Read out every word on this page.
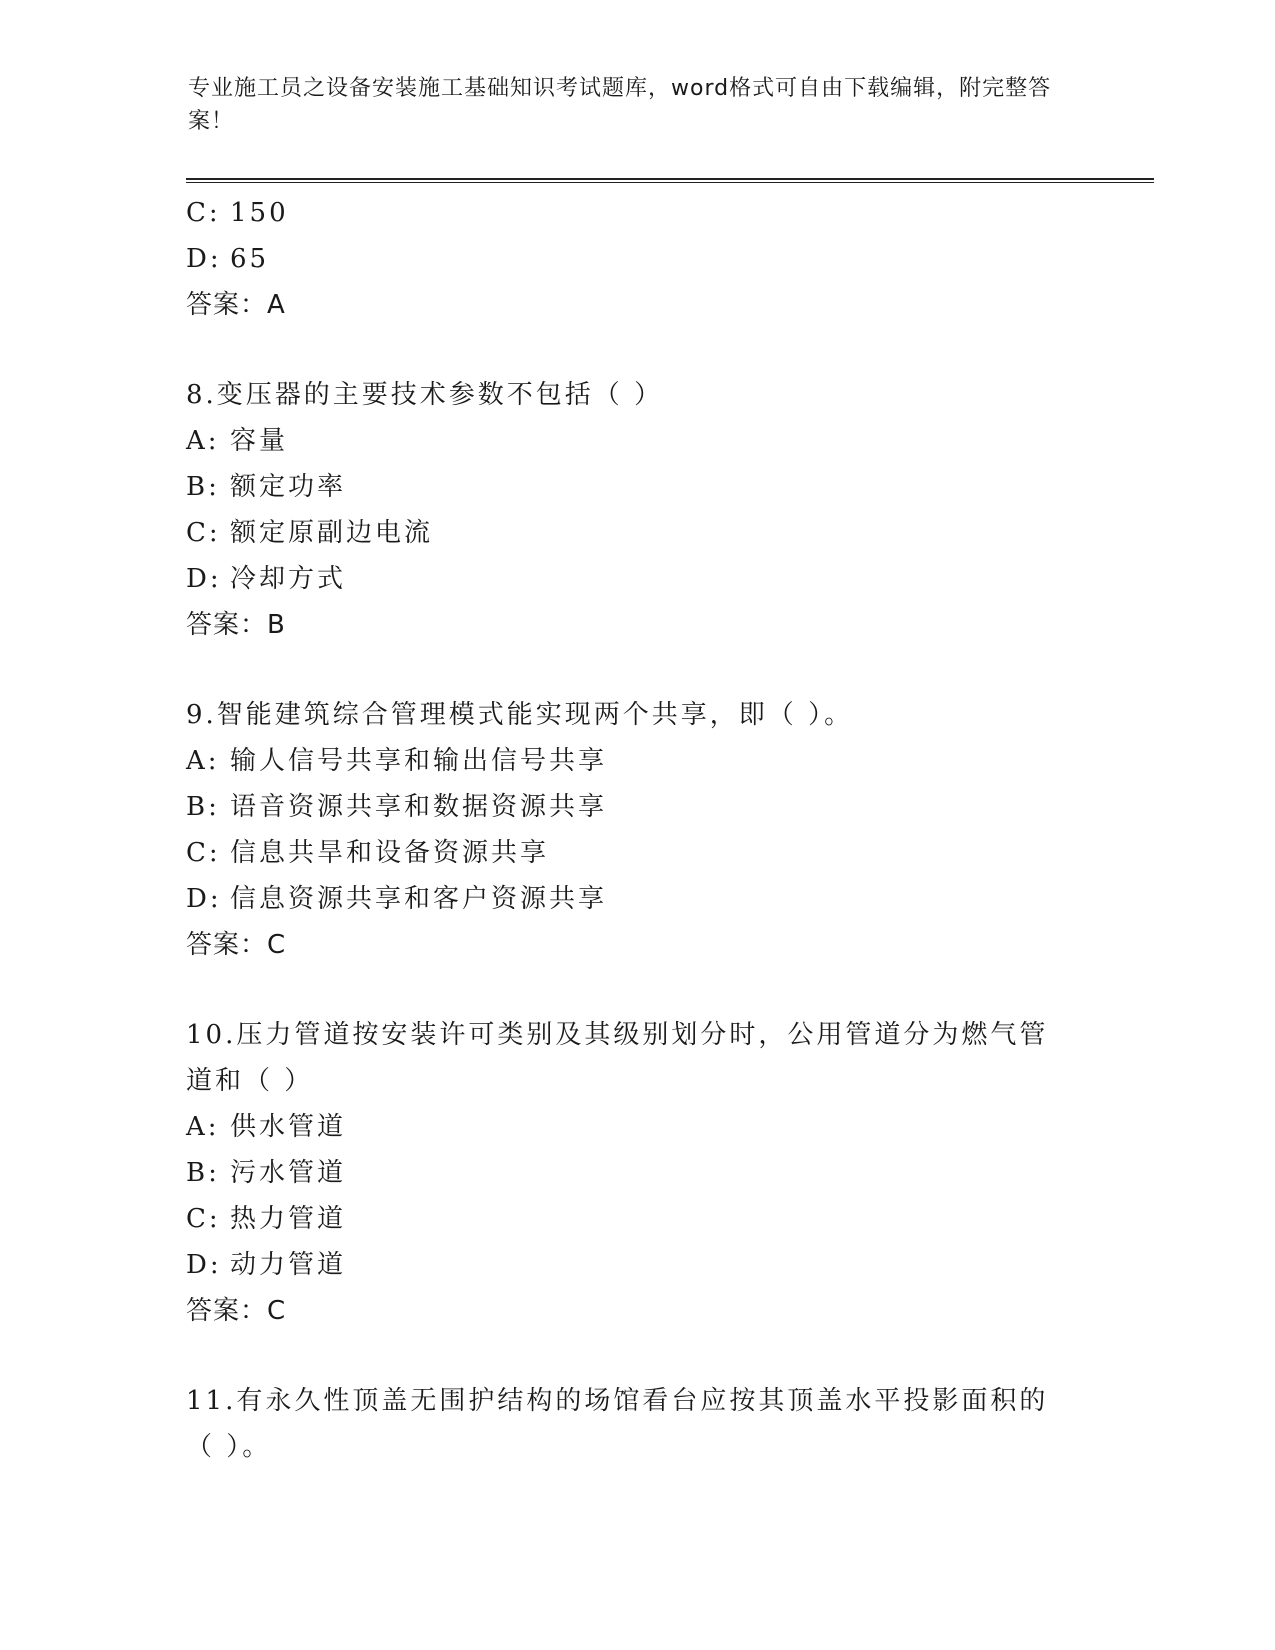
专业施工员之设备安装施工基础知识考试题库，word格式可自由下载编辑，附完整答案！
C: 150
D: 65
答案：A
8.变压器的主要技术参数不包括（ ）
A: 容量
B: 额定功率
C: 额定原副边电流
D: 冷却方式
答案：B
9.智能建筑综合管理模式能实现两个共享，即（ ）。
A: 输人信号共享和输出信号共享
B: 语音资源共享和数据资源共享
C: 信息共旱和设备资源共享
D: 信息资源共享和客户资源共享
答案：C
10.压力管道按安装许可类别及其级别划分时，公用管道分为燃气管道和（ ）
A: 供水管道
B: 污水管道
C: 热力管道
D: 动力管道
答案：C
11.有永久性顶盖无围护结构的场馆看台应按其顶盖水平投影面积的（ ）。
